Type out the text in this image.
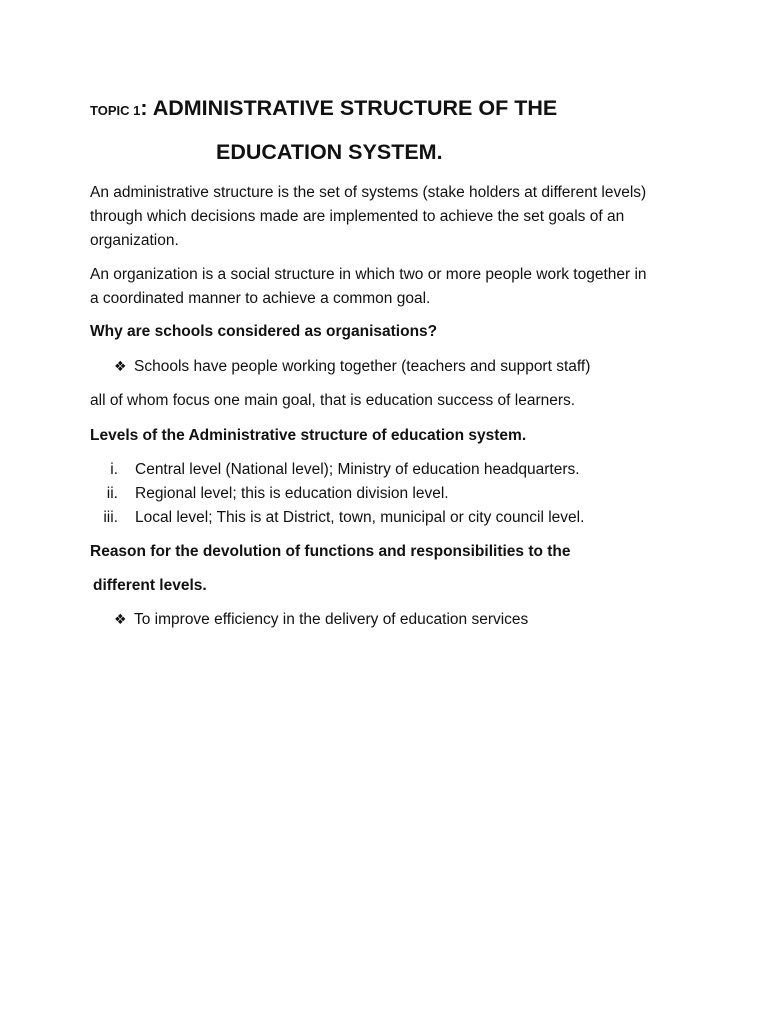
TOPIC 1: ADMINISTRATIVE STRUCTURE OF THE
EDUCATION SYSTEM.
An administrative structure is the set of systems (stake holders at different levels)
through which decisions made are implemented to achieve the set goals of an
organization.
An organization is a social structure in which two or more people work together in
a coordinated manner to achieve a common goal.
Why are schools considered as organisations?
❖ Schools have people working together (teachers and support staff)
all of whom focus one main goal, that is education success of learners.
Levels of the Administrative structure of education system.
i. Central level (National level); Ministry of education headquarters.
ii. Regional level; this is education division level.
iii. Local level; This is at District, town, municipal or city council level.
Reason for the devolution of functions and responsibilities to the
different levels.
❖ To improve efficiency in the delivery of education services
